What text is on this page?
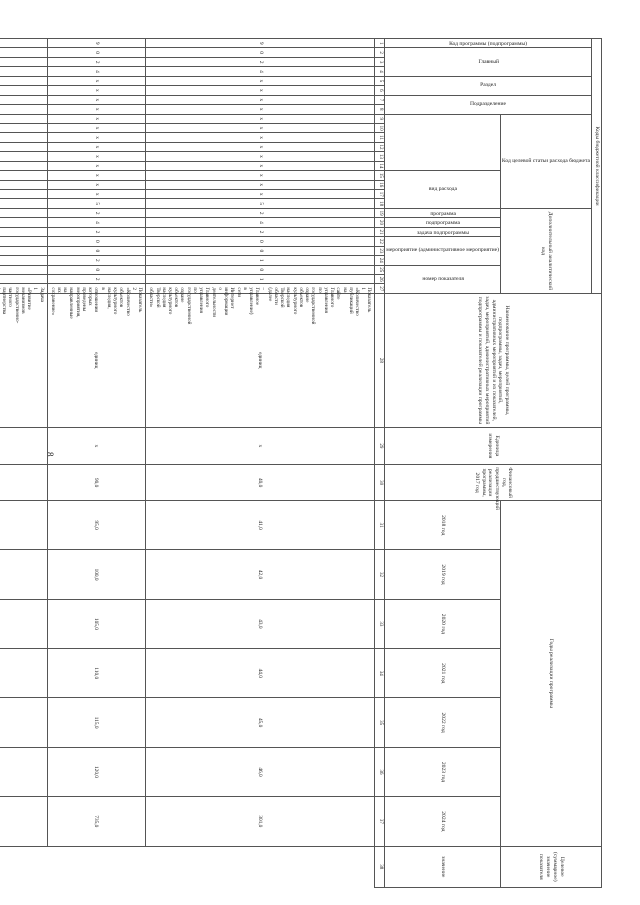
8
Коды бюджетной классификации																											Наименование программы, целей программы, подпрограммы, задач, мероприятий, административных мероприятий и их показателей, задач, мероприятий, административных мероприятий подпрограммы и показателей реализации программы	Единица измерения	Финансовый год, предшествующий реализации программы, 2017 год	Годы реализации программы							Целевое (суммарное) значение показателя

Код программы (подпрограммы)	Главный			Раздел		Подразделение		Код целевой статьи расхода бюджета										Дополнительный аналитический код																			

														вид расхода				программа	подпрограмма	задача подпрограммы	мероприятие (административное мероприятие)			номер показателя													

																														2018 год	2019 год	2020 год	2021 год	2022 год	2023 год	2024 год	значение
1	2	3	4	5	6	7	8	9	10	11	12	13	14	15	16	17	18	19	20	21	22	23	24	25	26	27	28	29	30	31	32	33	34	35	36	37	38
9	0	2	4	x	x	x	x	x	x	x	x	x	x	x	x	x	5	2	4	2	0	0	1	0	1	Показатель 1 «Количество публикаций на сайте Главного управления по государственной охране объектов культурного наследия Тверской области (далее – Главное управление) в сети Интернет информации о деятельности Главного управления по государственной охране объектов культурного наследия Тверской области»	единиц	x	40,0	41,0	42,0	43,0	44,0	45,0	46,0	301,0	
9	0	2	4	x	x	x	x	x	x	x	x	x	x	x	x	x	5	2	4	2	0	0	2	0	2	Показатель 2 «Количество объектов культурного наследия, в отношении которых проведены мероприятия, направленные на их сохранение»	единиц	x	90,0	95,0	100,0	105,0	110,0	115,0	120,0	735,0	
																										Задача 1 «Развитие механизмов государственно-частного партнерства										
